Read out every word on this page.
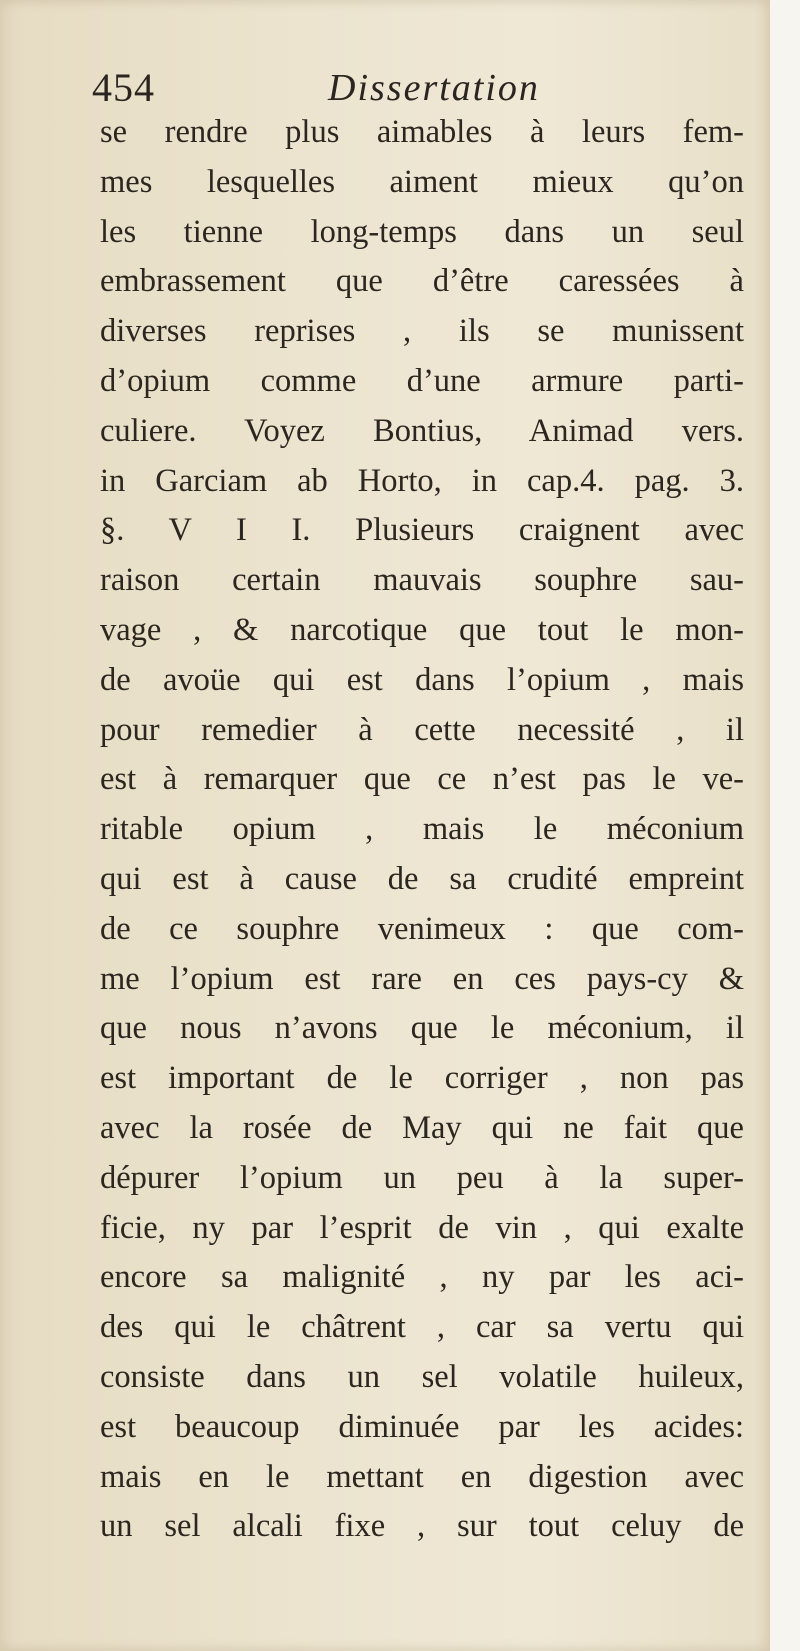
454	Dissertation
se rendre plus aimables à leurs fem-
mes lesquelles aiment mieux qu’on
les tienne long-temps dans un seul
embrassement que d’être caressées à
diverses reprises , ils se munissent
d’opium comme d’une armure parti-
culiere. Voyez Bontius, Animad vers.
in Garciam ab Horto, in cap.4. pag. 3.
§. V I I. Plusieurs craignent avec
raison certain mauvais souphre sau-
vage , & narcotique que tout le mon-
de avoüe qui est dans l’opium , mais
pour remedier à cette necessité , il
est à remarquer que ce n’est pas le ve-
ritable opium , mais le méconium
qui est à cause de sa crudité empreint
de ce souphre venimeux : que com-
me l’opium est rare en ces pays-cy &
que nous n’avons que le méconium, il
est important de le corriger , non pas
avec la rosée de May qui ne fait que
dépurer l’opium un peu à la super-
ficie, ny par l’esprit de vin , qui exalte
encore sa malignité , ny par les aci-
des qui le châtrent , car sa vertu qui
consiste dans un sel volatile huileux,
est beaucoup diminuée par les acides:
mais en le mettant en digestion avec
un sel alcali fixe , sur tout celuy de
